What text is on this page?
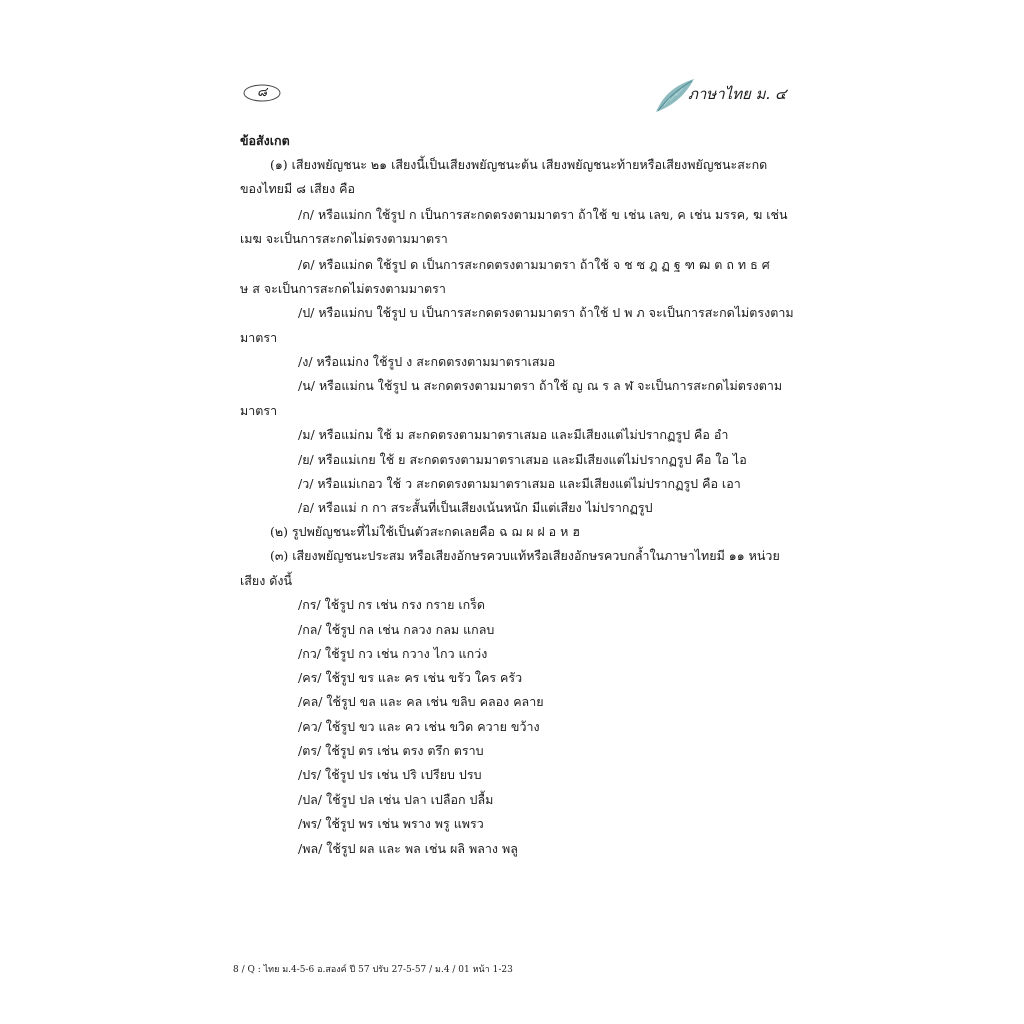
๘	ภาษาไทย ม. ๔
ข้อสังเกต
(๑) เสียงพยัญชนะ ๒๑ เสียงนี้เป็นเสียงพยัญชนะต้น เสียงพยัญชนะท้ายหรือเสียงพยัญชนะสะกด
ของไทยมี ๘ เสียง คือ
/ก/ หรือแม่กก ใช้รูป ก เป็นการสะกดตรงตามมาตรา ถ้าใช้ ข เช่น เลข, ค เช่น มรรค, ฆ เช่น
เมฆ จะเป็นการสะกดไม่ตรงตามมาตรา
/ด/ หรือแม่กด ใช้รูป ด เป็นการสะกดตรงตามมาตรา ถ้าใช้ จ ช ซ ฎ ฏ ฐ ฑ ฒ ต ถ ท ธ ศ
ษ ส จะเป็นการสะกดไม่ตรงตามมาตรา
/ป/ หรือแม่กบ ใช้รูป บ เป็นการสะกดตรงตามมาตรา ถ้าใช้ ป พ ภ จะเป็นการสะกดไม่ตรงตาม
มาตรา
/ง/ หรือแม่กง ใช้รูป ง สะกดตรงตามมาตราเสมอ
/น/ หรือแม่กน ใช้รูป น สะกดตรงตามมาตรา ถ้าใช้ ญ ณ ร ล ฬ จะเป็นการสะกดไม่ตรงตาม
มาตรา
/ม/ หรือแม่กม ใช้ ม สะกดตรงตามมาตราเสมอ และมีเสียงแต่ไม่ปรากฏรูป คือ อำ
/ย/ หรือแม่เกย ใช้ ย สะกดตรงตามมาตราเสมอ และมีเสียงแต่ไม่ปรากฏรูป คือ ใอ ไอ
/ว/ หรือแม่เกอว ใช้ ว สะกดตรงตามมาตราเสมอ และมีเสียงแต่ไม่ปรากฏรูป คือ เอา
/อ/ หรือแม่ ก กา สระสั้นที่เป็นเสียงเน้นหนัก มีแต่เสียง ไม่ปรากฏรูป
(๒) รูปพยัญชนะที่ไม่ใช้เป็นตัวสะกดเลยคือ ฉ ฌ ผ ฝ อ ห ฮ
(๓) เสียงพยัญชนะประสม หรือเสียงอักษรควบแท้หรือเสียงอักษรควบกล้ำในภาษาไทยมี ๑๑ หน่วย
เสียง ดังนี้
/กร/ ใช้รูป กร เช่น กรง กราย เกร็ด
/กล/ ใช้รูป กล เช่น กลวง กลม แกลบ
/กว/ ใช้รูป กว เช่น กวาง ไกว แกว่ง
/คร/ ใช้รูป ขร และ คร เช่น ขรัว ใคร ครัว
/คล/ ใช้รูป ขล และ คล เช่น ขลิบ คลอง คลาย
/คว/ ใช้รูป ขว และ คว เช่น ขวิด ควาย ขว้าง
/ตร/ ใช้รูป ตร เช่น ตรง ตรึก ตราบ
/ปร/ ใช้รูป ปร เช่น ปริ เปรียบ ปรบ
/ปล/ ใช้รูป ปล เช่น ปลา เปลือก ปลื้ม
/พร/ ใช้รูป พร เช่น พราง พรู แพรว
/พล/ ใช้รูป ผล และ พล เช่น ผลิ พลาง พลู
8 / Q : ไทย ม.4-5-6 อ.สองค์ ปี 57 ปรับ 27-5-57 / ม.4 / 01 หน้า 1-23
